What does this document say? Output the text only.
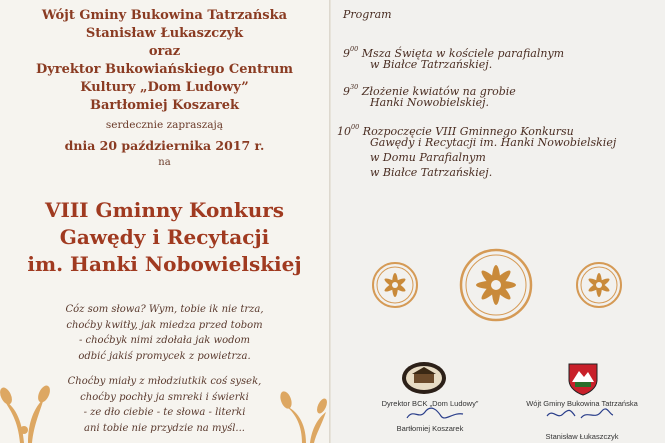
Wójt Gminy Bukowina Tatrzańska
Stanisław Łukaszczyk
oraz
Dyrektor Bukowiańskiego Centrum
Kultury „Dom Ludowy”
Bartłomiej Koszarek
serdecznie zapraszają
dnia 20 października 2017 r.
na
VIII Gminny Konkurs
Gawędy i Recytacji
im. Hanki Nobowielskiej
Cóz som słowa? Wym, tobie ik nie trza,
choćby kwitły, jak miedza przed tobom
- choćbyk nimi zdołała jak wodom
odbić jakiś promycek z powietrza.
Choćby miały z młodziutkik coś sysek,
choćby pochły ja smreki i świerki
- ze dło ciebie - te słowa - literki
ani tobie nie przydzie na myśl...
Program
$9^{00}$ Msza Święta w kościele parafialnym
w Białce Tatrzańskiej.
$9^{30}$ Złożenie kwiatów na grobie
Hanki Nowobielskiej.
$10^{00}$ Rozpoczęcie VIII Gminnego Konkursu
Gawędy i Recytacji im. Hanki Nowobielskiej
w Domu Parafialnym
w Białce Tatrzańskiej.
Dyrektor BCK „Dom Ludowy”
Bartłomiej Koszarek
Wójt Gminy Bukowina Tatrzańska
Stanisław Łukaszczyk
